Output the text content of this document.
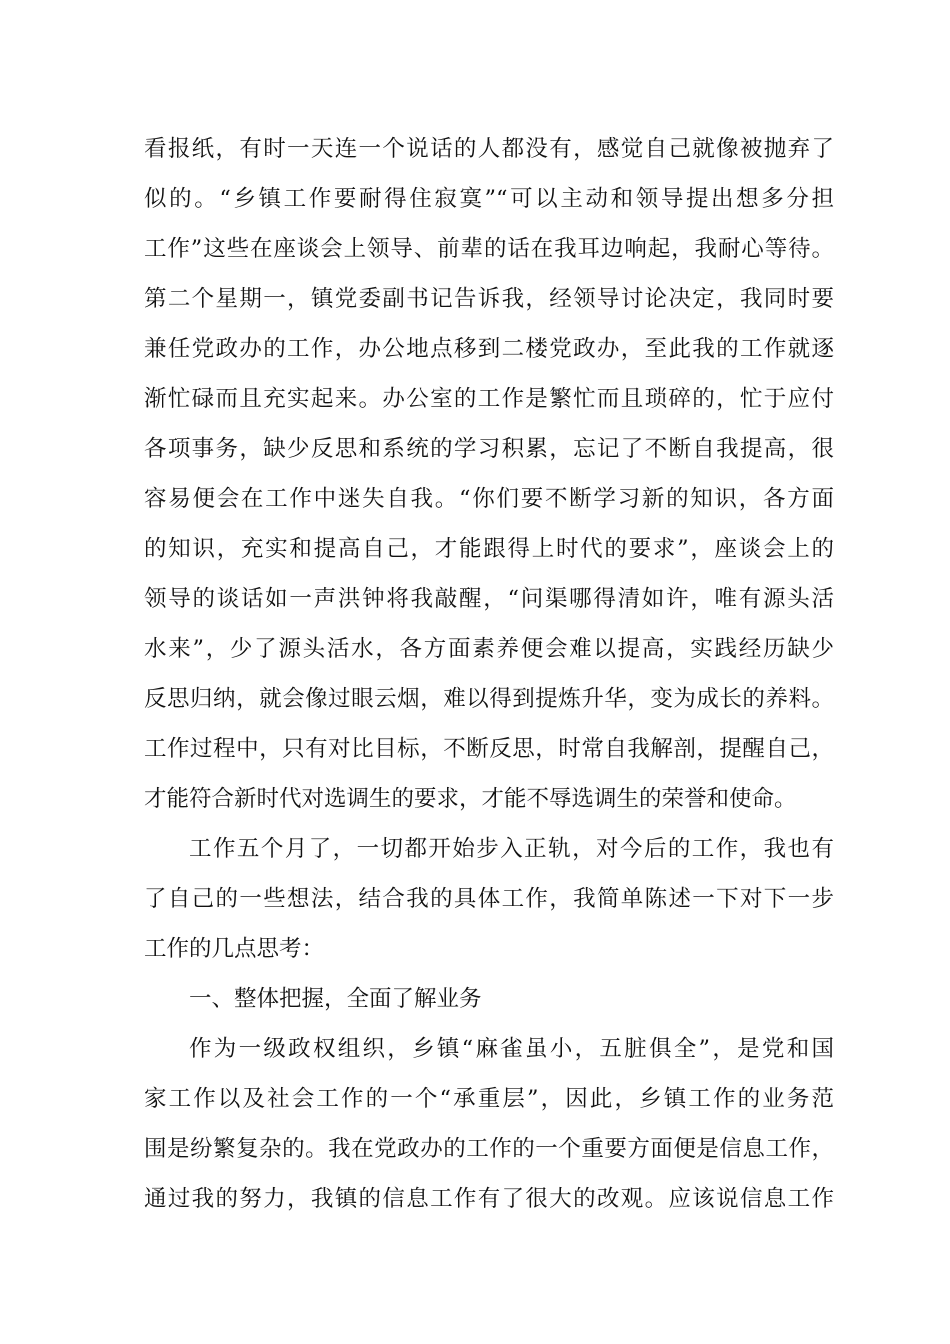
看报纸，有时一天连一个说话的人都没有，感觉自己就像被抛弃了
似的。“乡镇工作要耐得住寂寞”“可以主动和领导提出想多分担
工作”这些在座谈会上领导、前辈的话在我耳边响起，我耐心等待。
第二个星期一，镇党委副书记告诉我，经领导讨论决定，我同时要
兼任党政办的工作，办公地点移到二楼党政办，至此我的工作就逐
渐忙碌而且充实起来。办公室的工作是繁忙而且琐碎的，忙于应付
各项事务，缺少反思和系统的学习积累，忘记了不断自我提高，很
容易便会在工作中迷失自我。“你们要不断学习新的知识，各方面
的知识，充实和提高自己，才能跟得上时代的要求”，座谈会上的
领导的谈话如一声洪钟将我敲醒，“问渠哪得清如许，唯有源头活
水来”，少了源头活水，各方面素养便会难以提高，实践经历缺少
反思归纳，就会像过眼云烟，难以得到提炼升华，变为成长的养料。
工作过程中，只有对比目标，不断反思，时常自我解剖，提醒自己，
才能符合新时代对选调生的要求，才能不辱选调生的荣誉和使命。
工作五个月了，一切都开始步入正轨，对今后的工作，我也有
了自己的一些想法，结合我的具体工作，我简单陈述一下对下一步
工作的几点思考：
一、整体把握，全面了解业务
作为一级政权组织，乡镇“麻雀虽小，五脏俱全”，是党和国
家工作以及社会工作的一个“承重层”，因此，乡镇工作的业务范
围是纷繁复杂的。我在党政办的工作的一个重要方面便是信息工作，
通过我的努力，我镇的信息工作有了很大的改观。应该说信息工作
